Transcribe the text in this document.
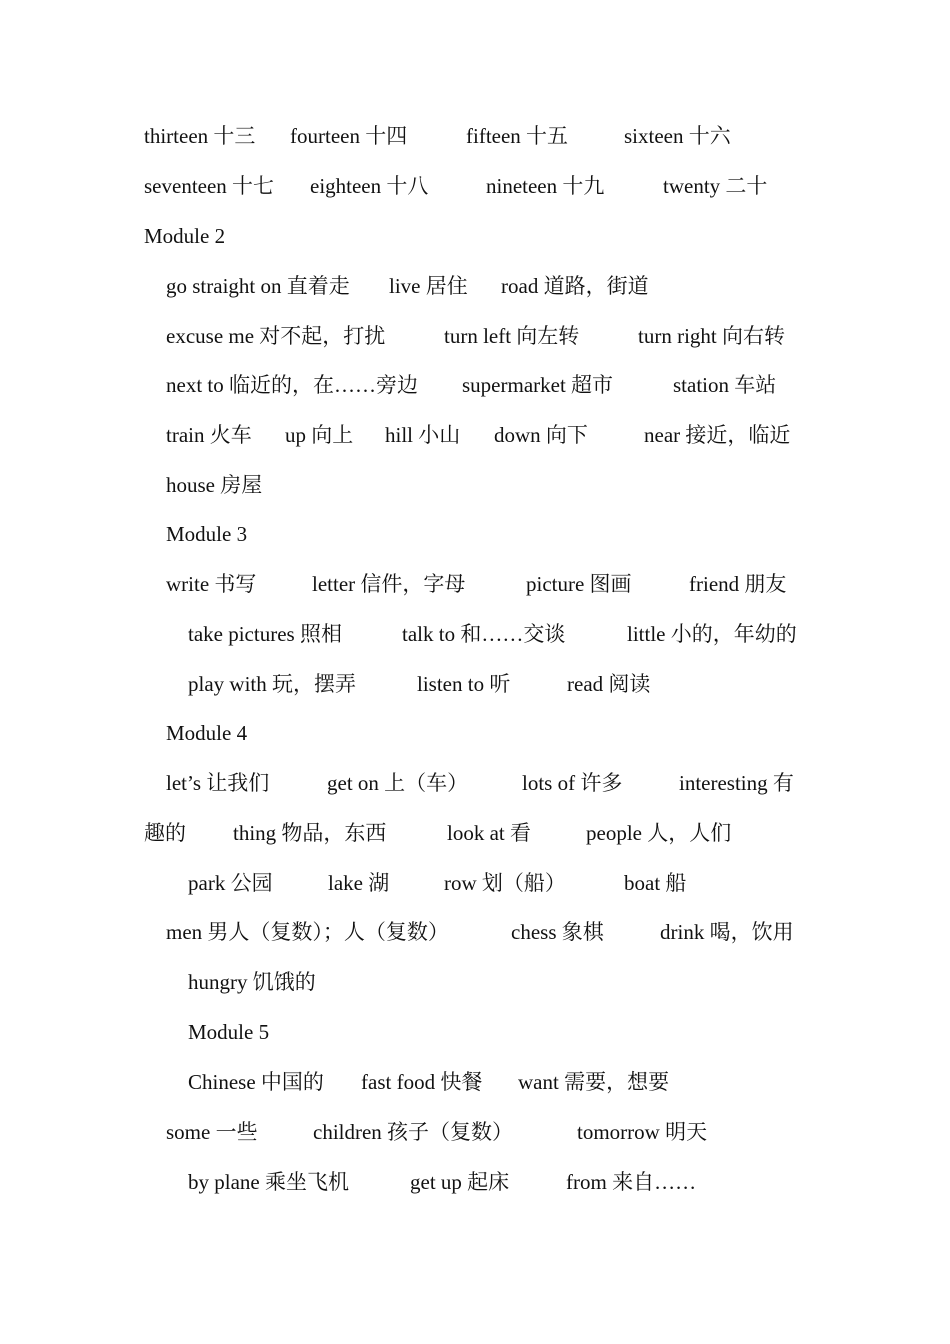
thirteen 十三 fourteen 十四	fifteen 十五	sixteen 十六
seventeen 十七 eighteen 十八	nineteen 十九	twenty 二十
Module 2
go straight on 直着走 live 居住 road 道路，街道
excuse me 对不起，打扰	turn left 向左转	turn right 向右转
next to 临近的，在……旁边 supermarket 超市	station 车站
train 火车 up 向上 hill 小山 down 向下	near 接近，临近
house 房屋
Module 3
write 书写	letter 信件，字母	picture 图画	friend 朋友
take pictures 照相	talk to 和……交谈	little 小的，年幼的
play with 玩，摆弄	listen to 听	read 阅读
Module 4
let’s 让我们	get on 上（车）	lots of 许多	interesting 有
趣的 thing 物品，东西	look at 看	people 人，人们
park 公园	lake 湖	row 划（船）	boat 船
men 男人（复数）；人（复数）	chess 象棋	drink 喝，饮用
hungry 饥饿的
Module 5
Chinese 中国的 fast food 快餐 want 需要，想要
some 一些	children 孩子（复数）	tomorrow 明天
by plane 乘坐飞机	get up 起床	from 来自……
